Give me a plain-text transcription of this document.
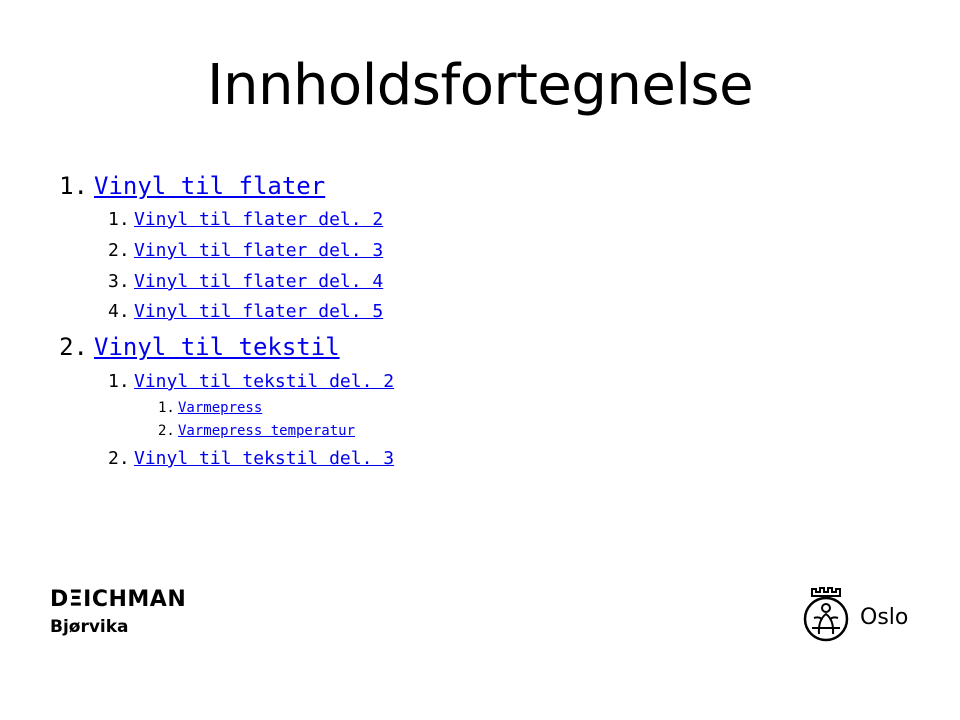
Innholdsfortegnelse
1. Vinyl til flater
1. Vinyl til flater del. 2
2. Vinyl til flater del. 3
3. Vinyl til flater del. 4
4. Vinyl til flater del. 5
2. Vinyl til tekstil
1. Vinyl til tekstil del. 2
1. Varmepress
2. Varmepress temperatur
2. Vinyl til tekstil del. 3
DΞICHMAN
Bjørvika	Oslo
